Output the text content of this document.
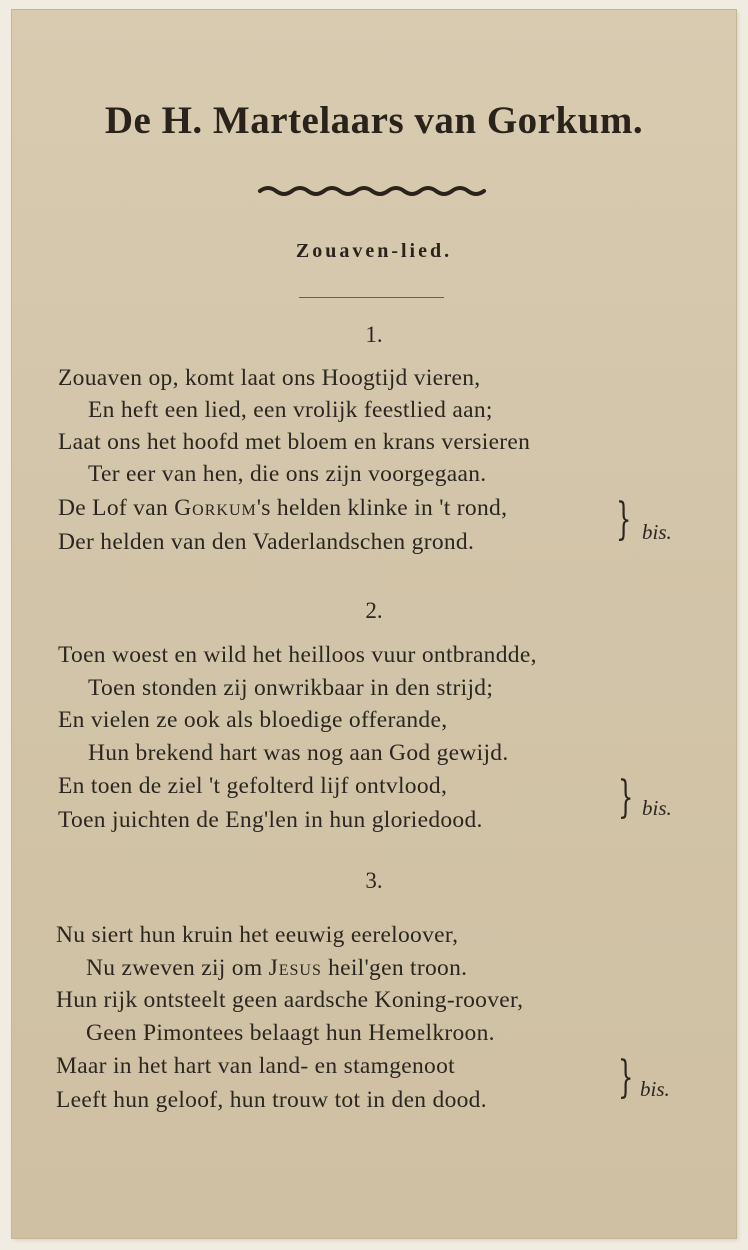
De H. Martelaars van Gorkum.
Zouaven-lied.
1.
Zouaven op, komt laat ons Hoogtijd vieren,
En heft een lied, een vrolijk feestlied aan;
Laat ons het hoofd met bloem en krans versieren
Ter eer van hen, die ons zijn voorgegaan.
De Lof van Gorkum's helden klinke in 't rond,
Der helden van den Vaderlandschen grond.	} bis.
2.
Toen woest en wild het heilloos vuur ontbrandde,
Toen stonden zij onwrikbaar in den strijd;
En vielen ze ook als bloedige offerande,
Hun brekend hart was nog aan God gewijd.
En toen de ziel 't gefolterd lijf ontvlood,
Toen juichten de Eng'len in hun gloriedood.	} bis.
3.
Nu siert hun kruin het eeuwig eereloover,
Nu zweven zij om Jesus heil'gen troon.
Hun rijk ontsteelt geen aardsche Koning-roover,
Geen Pimontees belaagt hun Hemelkroon.
Maar in het hart van land- en stamgenoot
Leeft hun geloof, hun trouw tot in den dood.	} bis.
